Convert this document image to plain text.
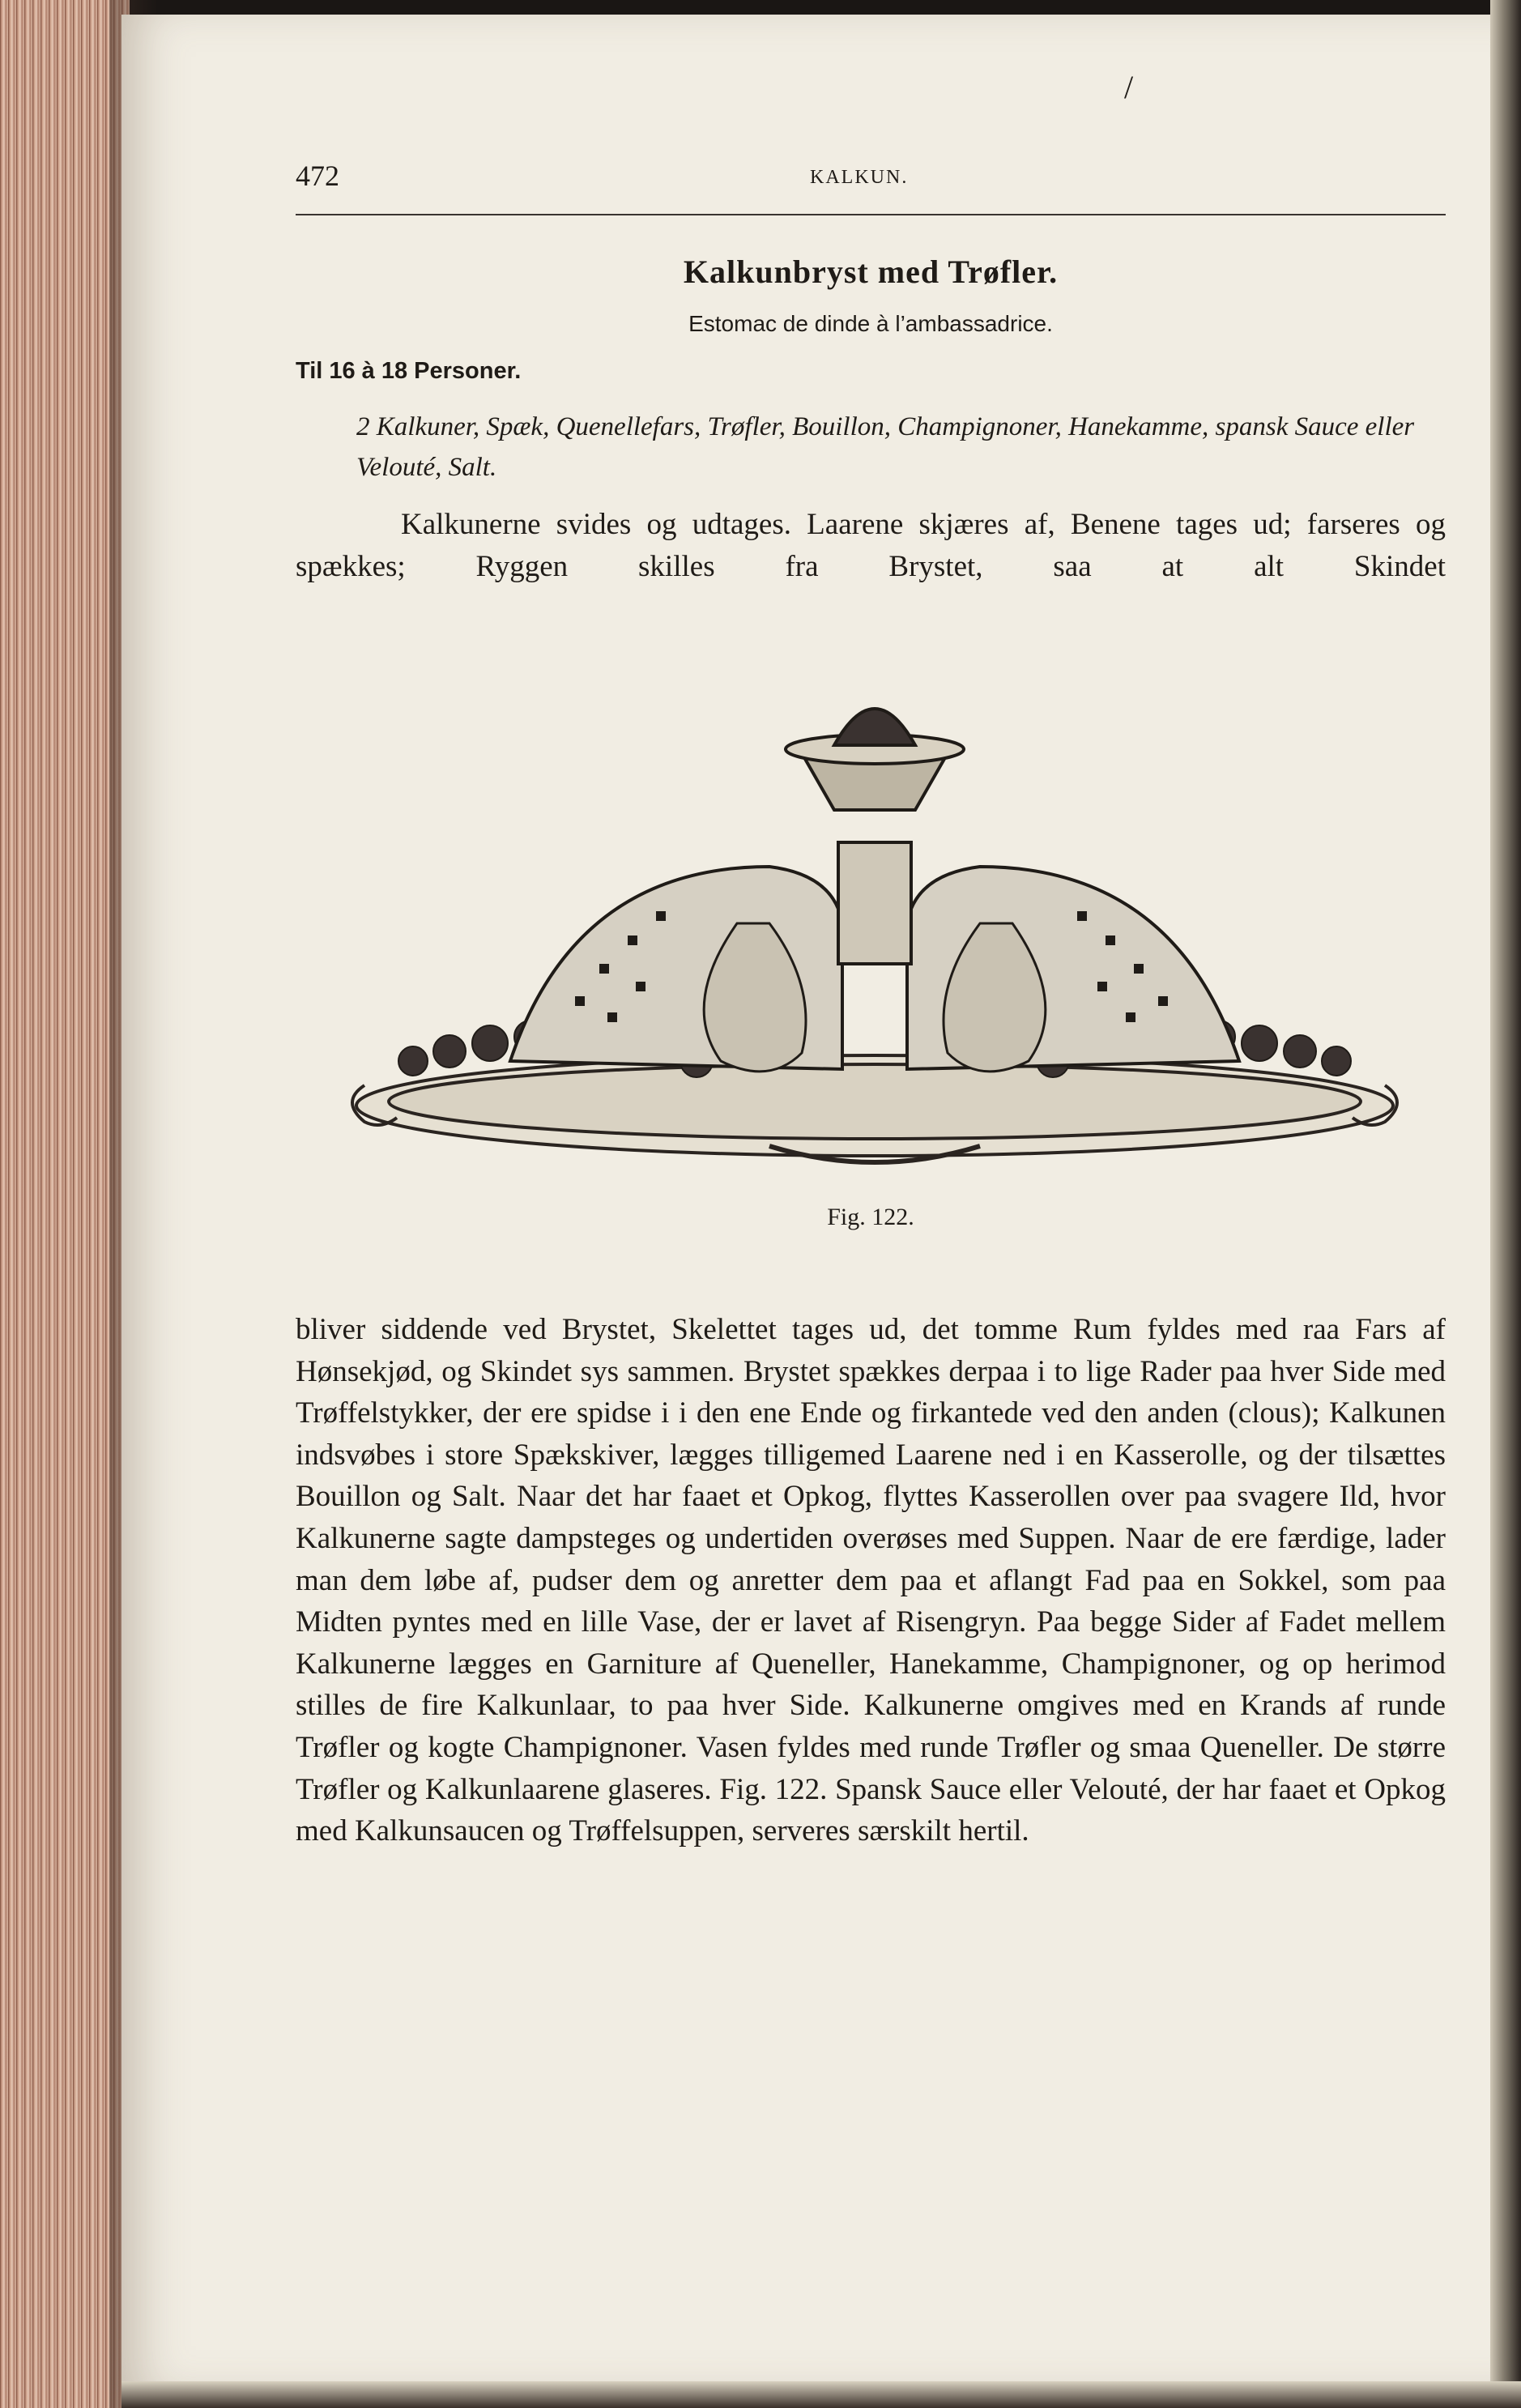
/
472	KALKUN.
Kalkunbryst med Trøfler.
Estomac de dinde à l’ambassadrice.
Til 16 à 18 Personer.
2 Kalkuner, Spæk, Quenellefars, Trøfler, Bouillon, Champignoner, Hanekamme, spansk Sauce eller Velouté, Salt.

Kalkunerne svides og udtages. Laarene skjæres af, Benene tages ud; farseres og spækkes; Ryggen skilles fra Brystet, saa at alt Skindet

Fig. 122.

bliver siddende ved Brystet, Skelettet tages ud, det tomme Rum fyldes med raa Fars af Hønsekjød, og Skindet sys sammen. Brystet spækkes derpaa i to lige Rader paa hver Side med Trøffelstykker, der ere spidse i i den ene Ende og firkantede ved den anden (clous); Kalkunen indsvøbes i store Spækskiver, lægges tilligemed Laarene ned i en Kasserolle, og der tilsættes Bouillon og Salt. Naar det har faaet et Opkog, flyttes Kasserollen over paa svagere Ild, hvor Kalkunerne sagte dampsteges og undertiden overøses med Suppen. Naar de ere færdige, lader man dem løbe af, pudser dem og anretter dem paa et aflangt Fad paa en Sokkel, som paa Midten pyntes med en lille Vase, der er lavet af Risengryn. Paa begge Sider af Fadet mellem Kalkunerne lægges en Garniture af Queneller, Hanekamme, Champignoner, og op herimod stilles de fire Kalkunlaar, to paa hver Side. Kalkunerne omgives med en Krands af runde Trøfler og kogte Champignoner. Vasen fyldes med runde Trøfler og smaa Queneller. De større Trøfler og Kalkunlaarene glaseres. Fig. 122. Spansk Sauce eller Velouté, der har faaet et Opkog med Kalkunsaucen og Trøffelsuppen, serveres særskilt hertil.
